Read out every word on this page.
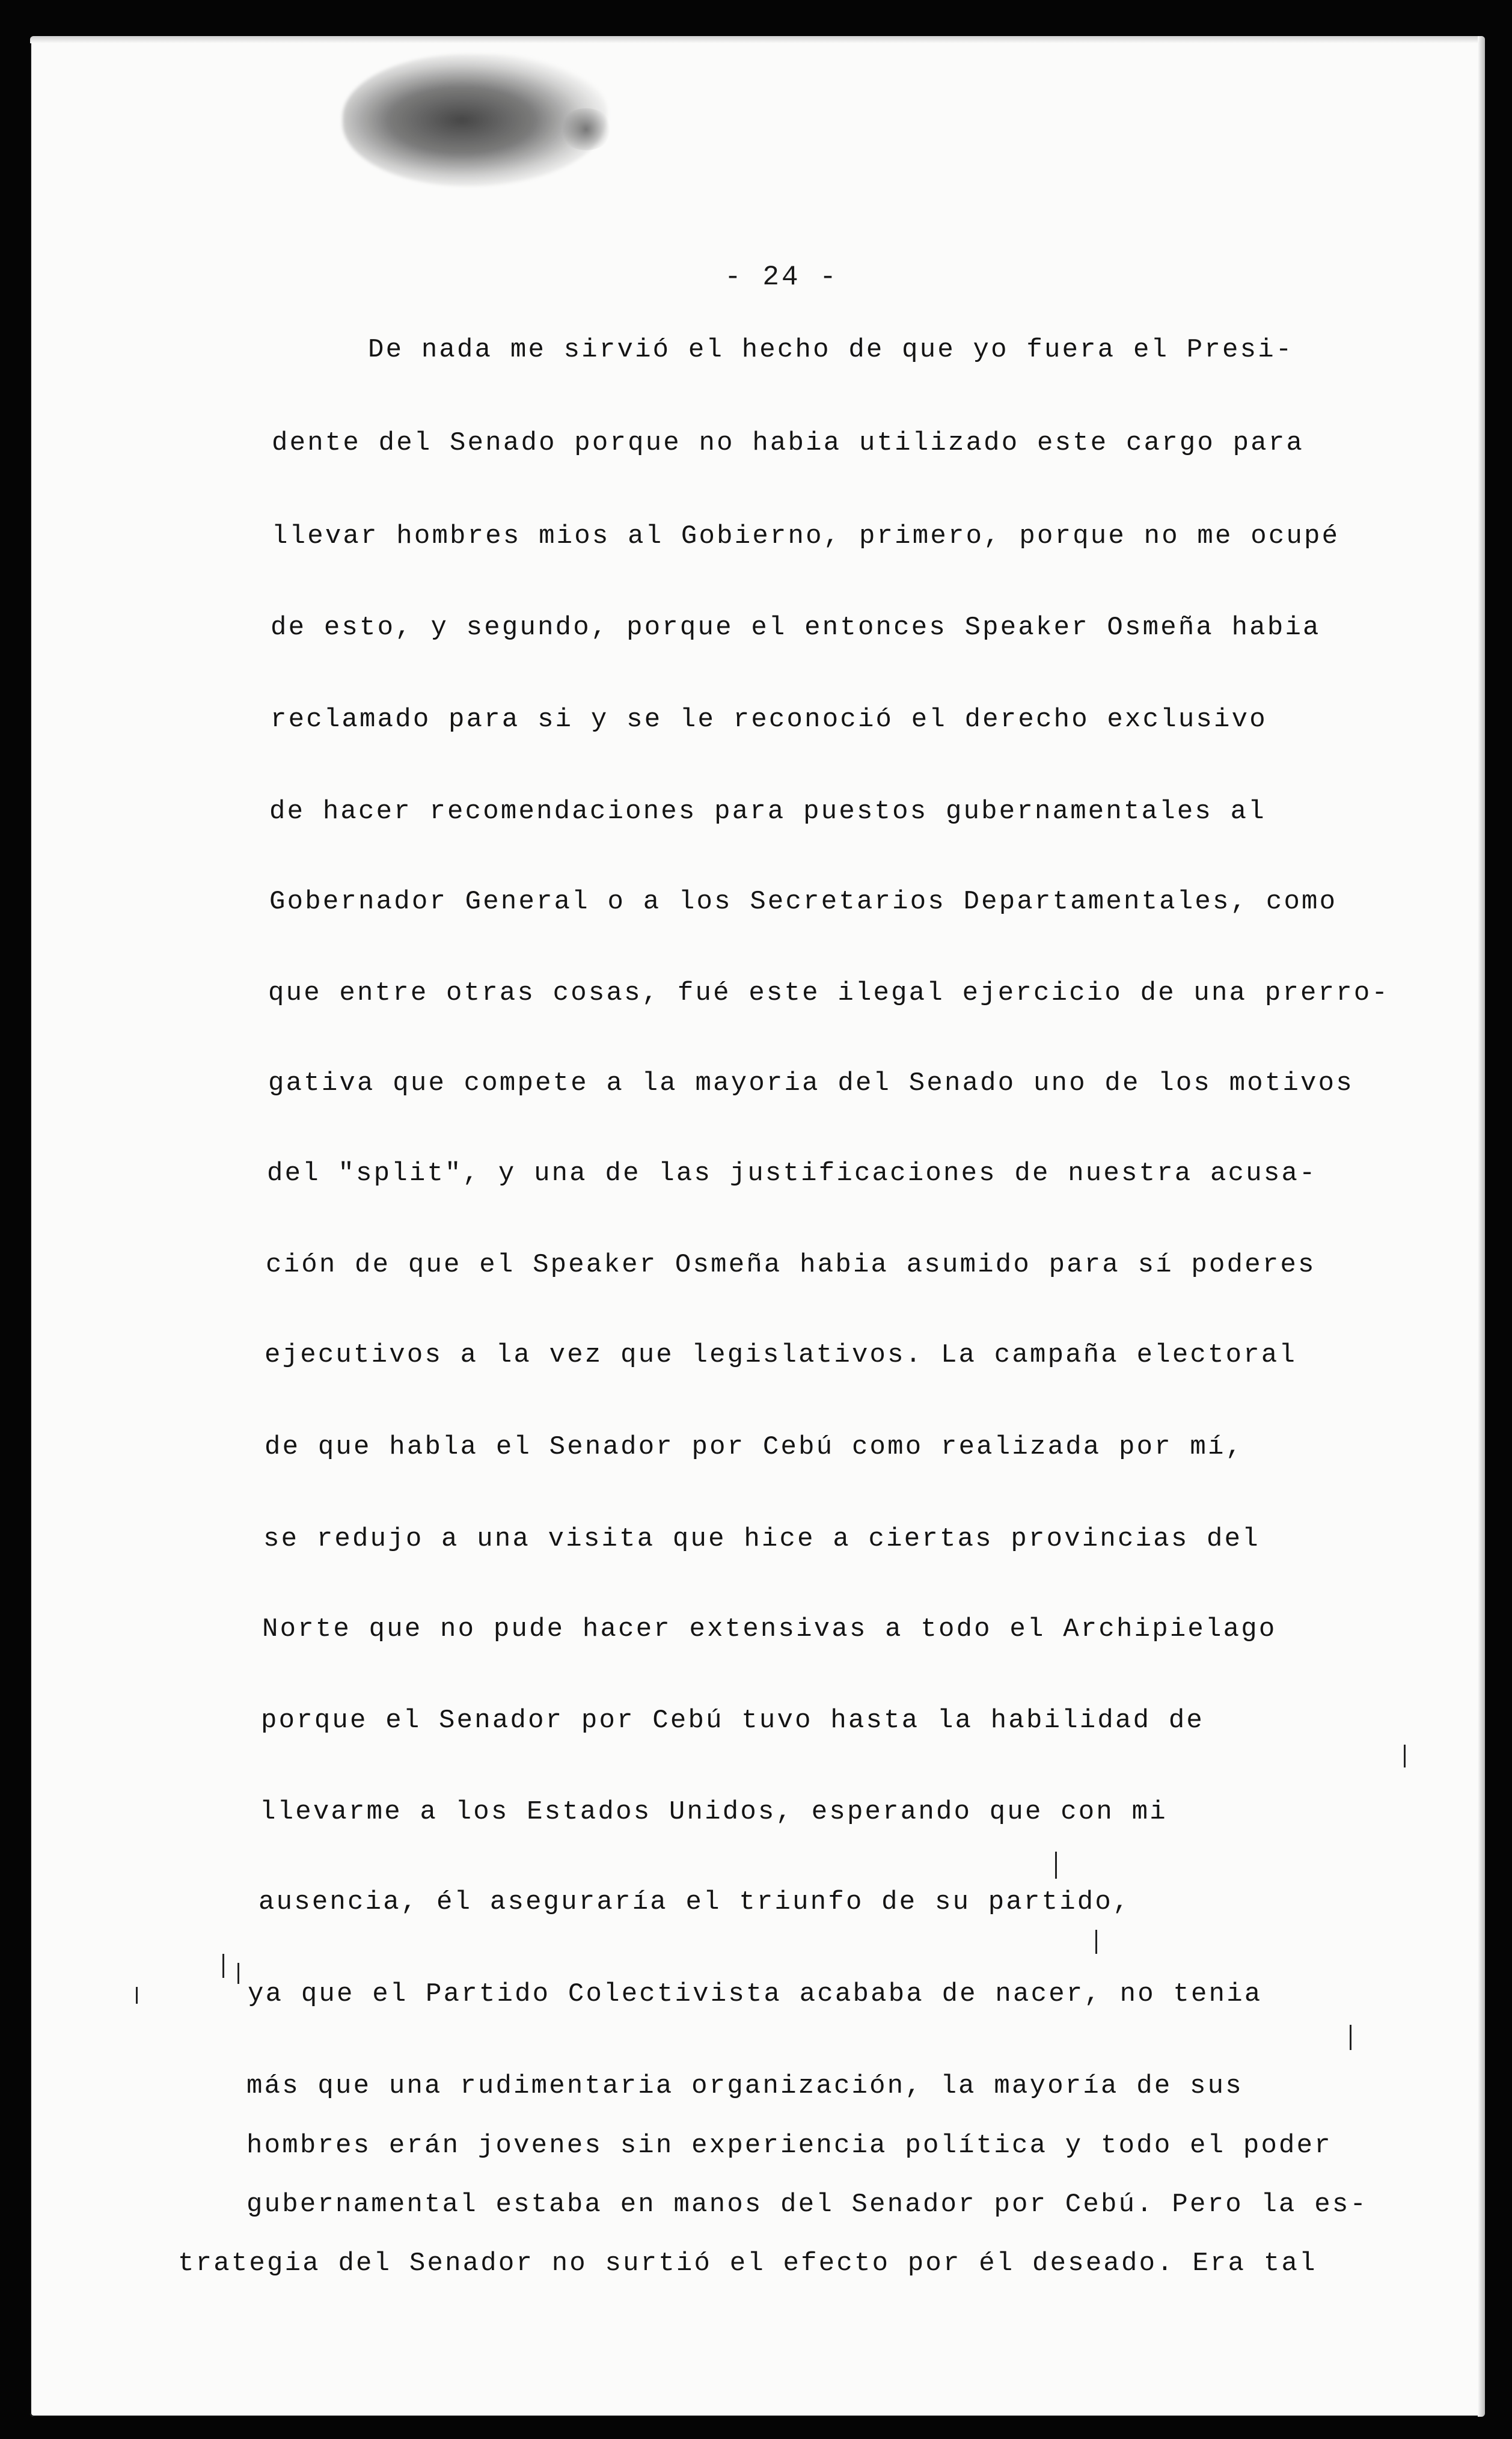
- 24 -
De nada me sirvió el hecho de que yo fuera el Presi-
dente del Senado porque no habia utilizado este cargo para
llevar hombres mios al Gobierno, primero, porque no me ocupé
de esto, y segundo, porque el entonces Speaker Osmeña habia
reclamado para si y se le reconoció el derecho exclusivo
de hacer recomendaciones para puestos gubernamentales al
Gobernador General o a los Secretarios Departamentales, como
que entre otras cosas, fué este ilegal ejercicio de una prerro-
gativa que compete a la mayoria del Senado uno de los motivos
del "split", y una de las justificaciones de nuestra acusa-
ción de que el Speaker Osmeña habia asumido para sí poderes
ejecutivos a la vez que legislativos. La campaña electoral
de que habla el Senador por Cebú como realizada por mí,
se redujo a una visita que hice a ciertas provincias del
Norte que no pude hacer extensivas a todo el Archipielago
porque el Senador por Cebú tuvo hasta la habilidad de
llevarme a los Estados Unidos, esperando que con mi
ausencia, él aseguraría el triunfo de su partido,
ya que el Partido Colectivista acababa de nacer, no tenia
más que una rudimentaria organización, la mayoría de sus
hombres erán jovenes sin experiencia política y todo el poder
gubernamental estaba en manos del Senador por Cebú. Pero la es-
trategia del Senador no surtió el efecto por él deseado. Era tal
